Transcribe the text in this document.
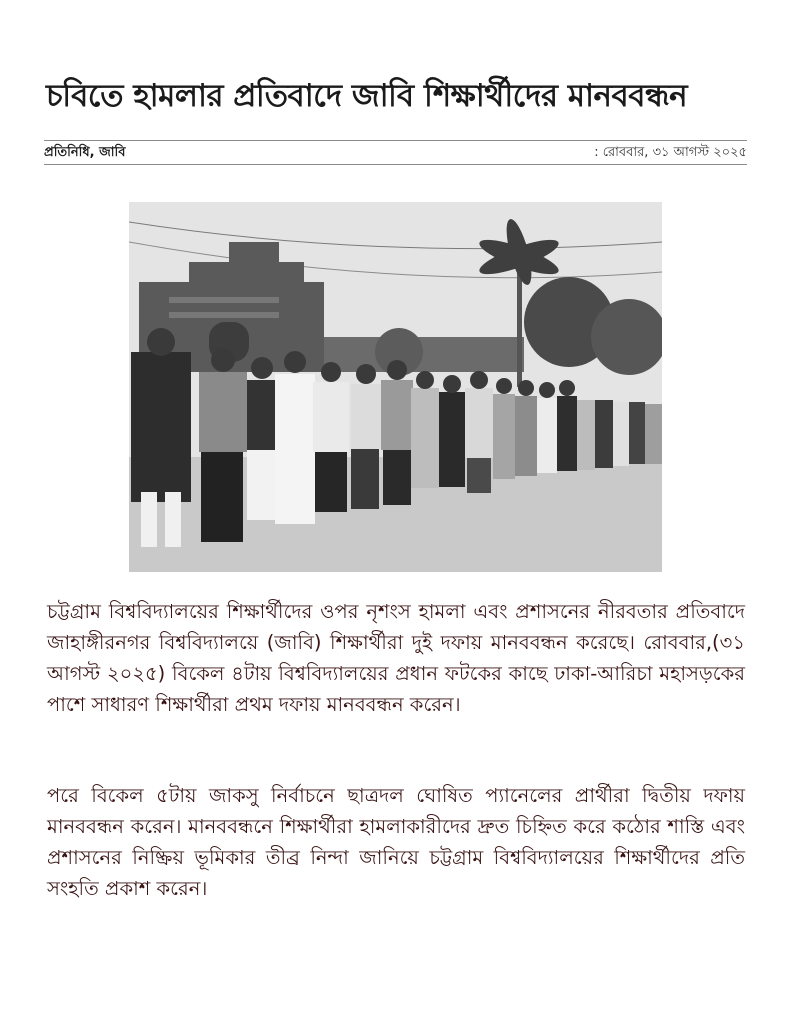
চবিতে হামলার প্রতিবাদে জাবি শিক্ষার্থীদের মানববন্ধন
প্রতিনিধি, জাবি	: রোববার, ৩১ আগস্ট ২০২৫
চট্টগ্রাম বিশ্ববিদ্যালয়ের শিক্ষার্থীদের ওপর নৃশংস হামলা এবং প্রশাসনের নীরবতার প্রতিবাদে জাহাঙ্গীরনগর বিশ্ববিদ্যালয়ে (জাবি) শিক্ষার্থীরা দুই দফায় মানববন্ধন করেছে। রোববার,(৩১ আগস্ট ২০২৫) বিকেল ৪টায় বিশ্ববিদ্যালয়ের প্রধান ফটকের কাছে ঢাকা-আরিচা মহাসড়কের পাশে সাধারণ শিক্ষার্থীরা প্রথম দফায় মানববন্ধন করেন।
পরে বিকেল ৫টায় জাকসু নির্বাচনে ছাত্রদল ঘোষিত প্যানেলের প্রার্থীরা দ্বিতীয় দফায় মানববন্ধন করেন। মানববন্ধনে শিক্ষার্থীরা হামলাকারীদের দ্রুত চিহ্নিত করে কঠোর শাস্তি এবং প্রশাসনের নিষ্ক্রিয় ভূমিকার তীব্র নিন্দা জানিয়ে চট্টগ্রাম বিশ্ববিদ্যালয়ের শিক্ষার্থীদের প্রতি সংহতি প্রকাশ করেন।
